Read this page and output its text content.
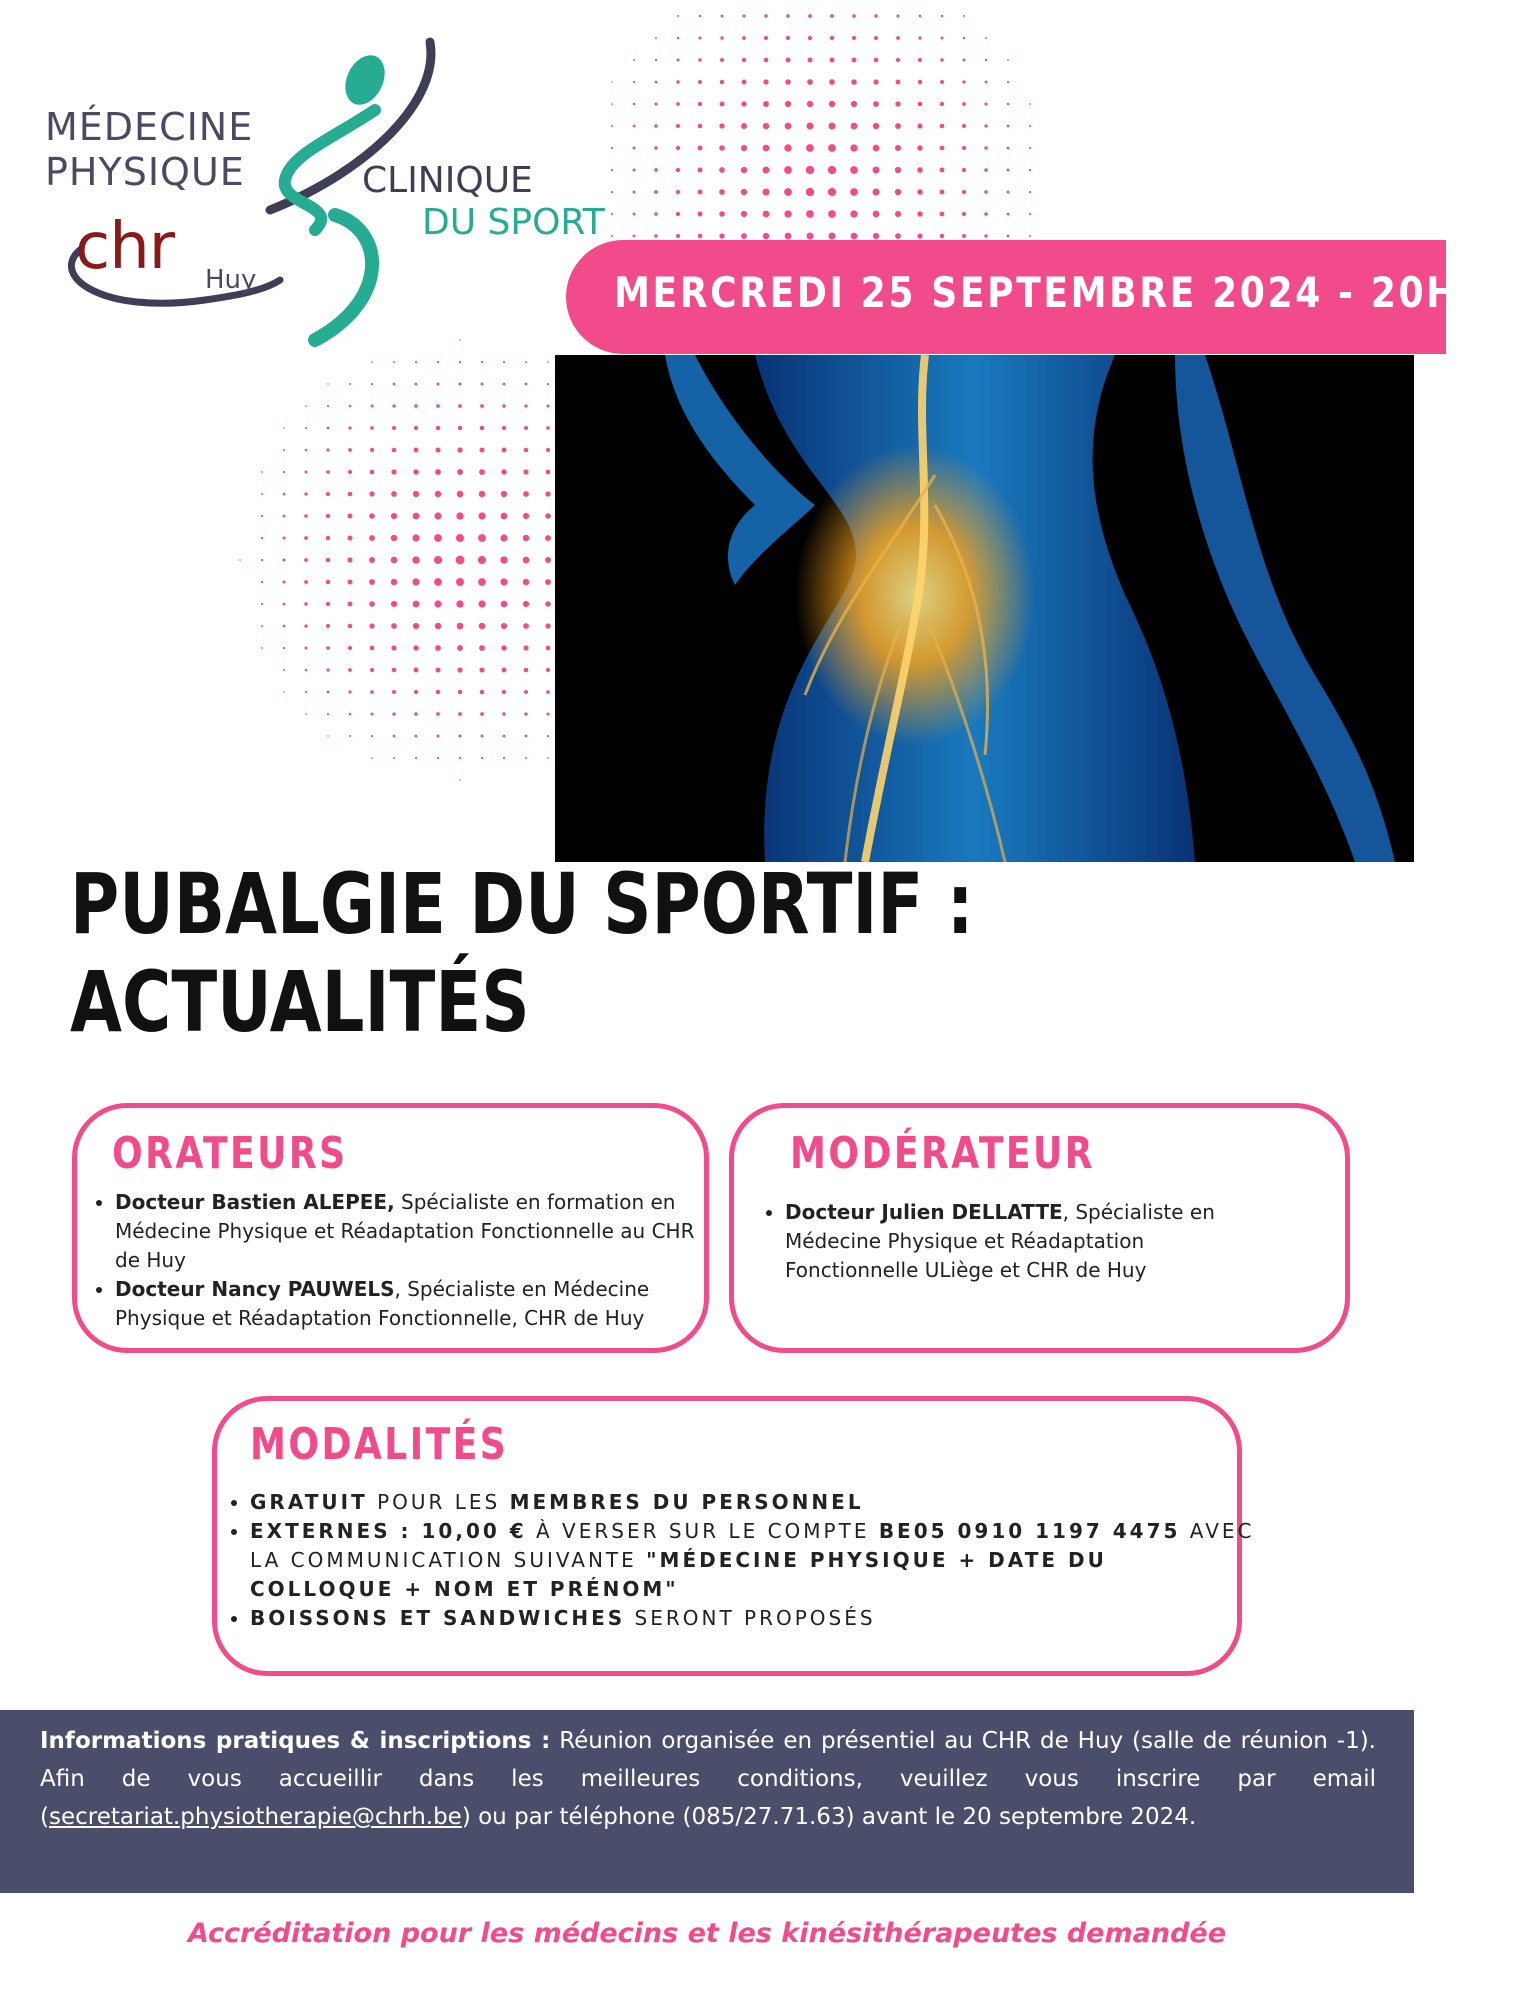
MÉDECINE
PHYSIQUE
chr Huy
CLINIQUE
DU SPORT
MERCREDI 25 SEPTEMBRE 2024 - 20H00
PUBALGIE DU SPORTIF :
ACTUALITÉS
ORATEURS
• Docteur Bastien ALEPEE, Spécialiste en formation en Médecine Physique et Réadaptation Fonctionnelle au CHR de Huy
• Docteur Nancy PAUWELS, Spécialiste en Médecine Physique et Réadaptation Fonctionnelle, CHR de Huy
MODÉRATEUR
• Docteur Julien DELLATTE, Spécialiste en Médecine Physique et Réadaptation Fonctionnelle ULiège et CHR de Huy
MODALITÉS
• GRATUIT POUR LES MEMBRES DU PERSONNEL
• EXTERNES : 10,00 € À VERSER SUR LE COMPTE BE05 0910 1197 4475 AVEC LA COMMUNICATION SUIVANTE "MÉDECINE PHYSIQUE + DATE DU COLLOQUE + NOM ET PRÉNOM"
• BOISSONS ET SANDWICHES SERONT PROPOSÉS
Informations pratiques & inscriptions : Réunion organisée en présentiel au CHR de Huy (salle de réunion -1). Afin de vous accueillir dans les meilleures conditions, veuillez vous inscrire par email (secretariat.physiotherapie@chrh.be) ou par téléphone (085/27.71.63) avant le 20 septembre 2024.
Accréditation pour les médecins et les kinésithérapeutes demandée
